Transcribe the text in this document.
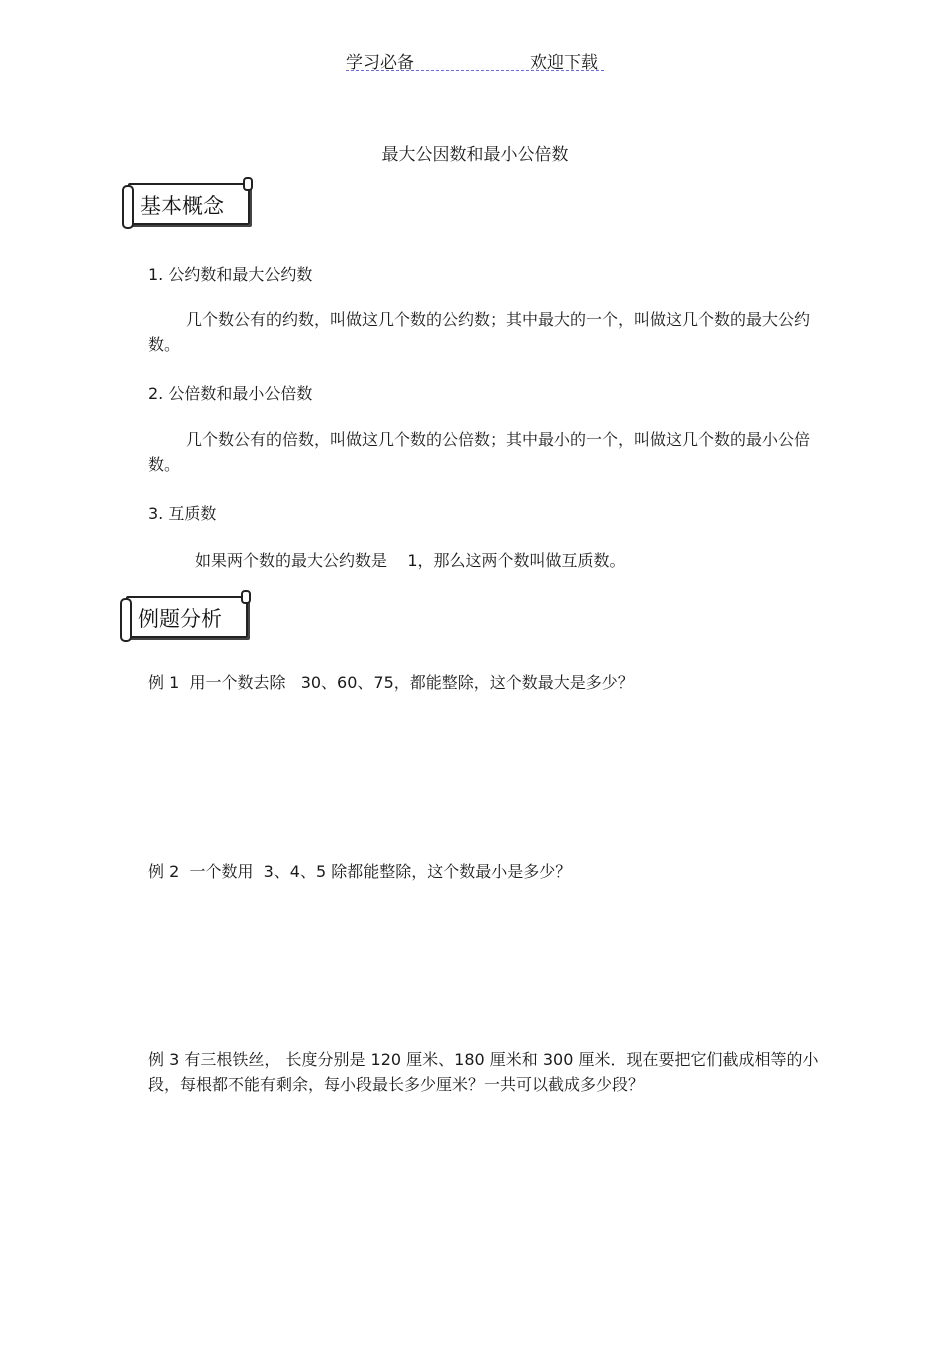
学习必备	欢迎下载
最大公因数和最小公倍数
基本概念
1. 公约数和最大公约数
几个数公有的约数，叫做这几个数的公约数；其中最大的一个，叫做这几个数的最大公约数。
2. 公倍数和最小公倍数
几个数公有的倍数，叫做这几个数的公倍数；其中最小的一个，叫做这几个数的最小公倍数。
3. 互质数
如果两个数的最大公约数是    1，那么这两个数叫做互质数。
例题分析
例 1  用一个数去除   30、60、75，都能整除，这个数最大是多少？
例 2  一个数用  3、4、5 除都能整除，这个数最小是多少？
例 3 有三根铁丝， 长度分别是 120 厘米、180 厘米和 300 厘米．现在要把它们截成相等的小段，每根都不能有剩余，每小段最长多少厘米？一共可以截成多少段？
